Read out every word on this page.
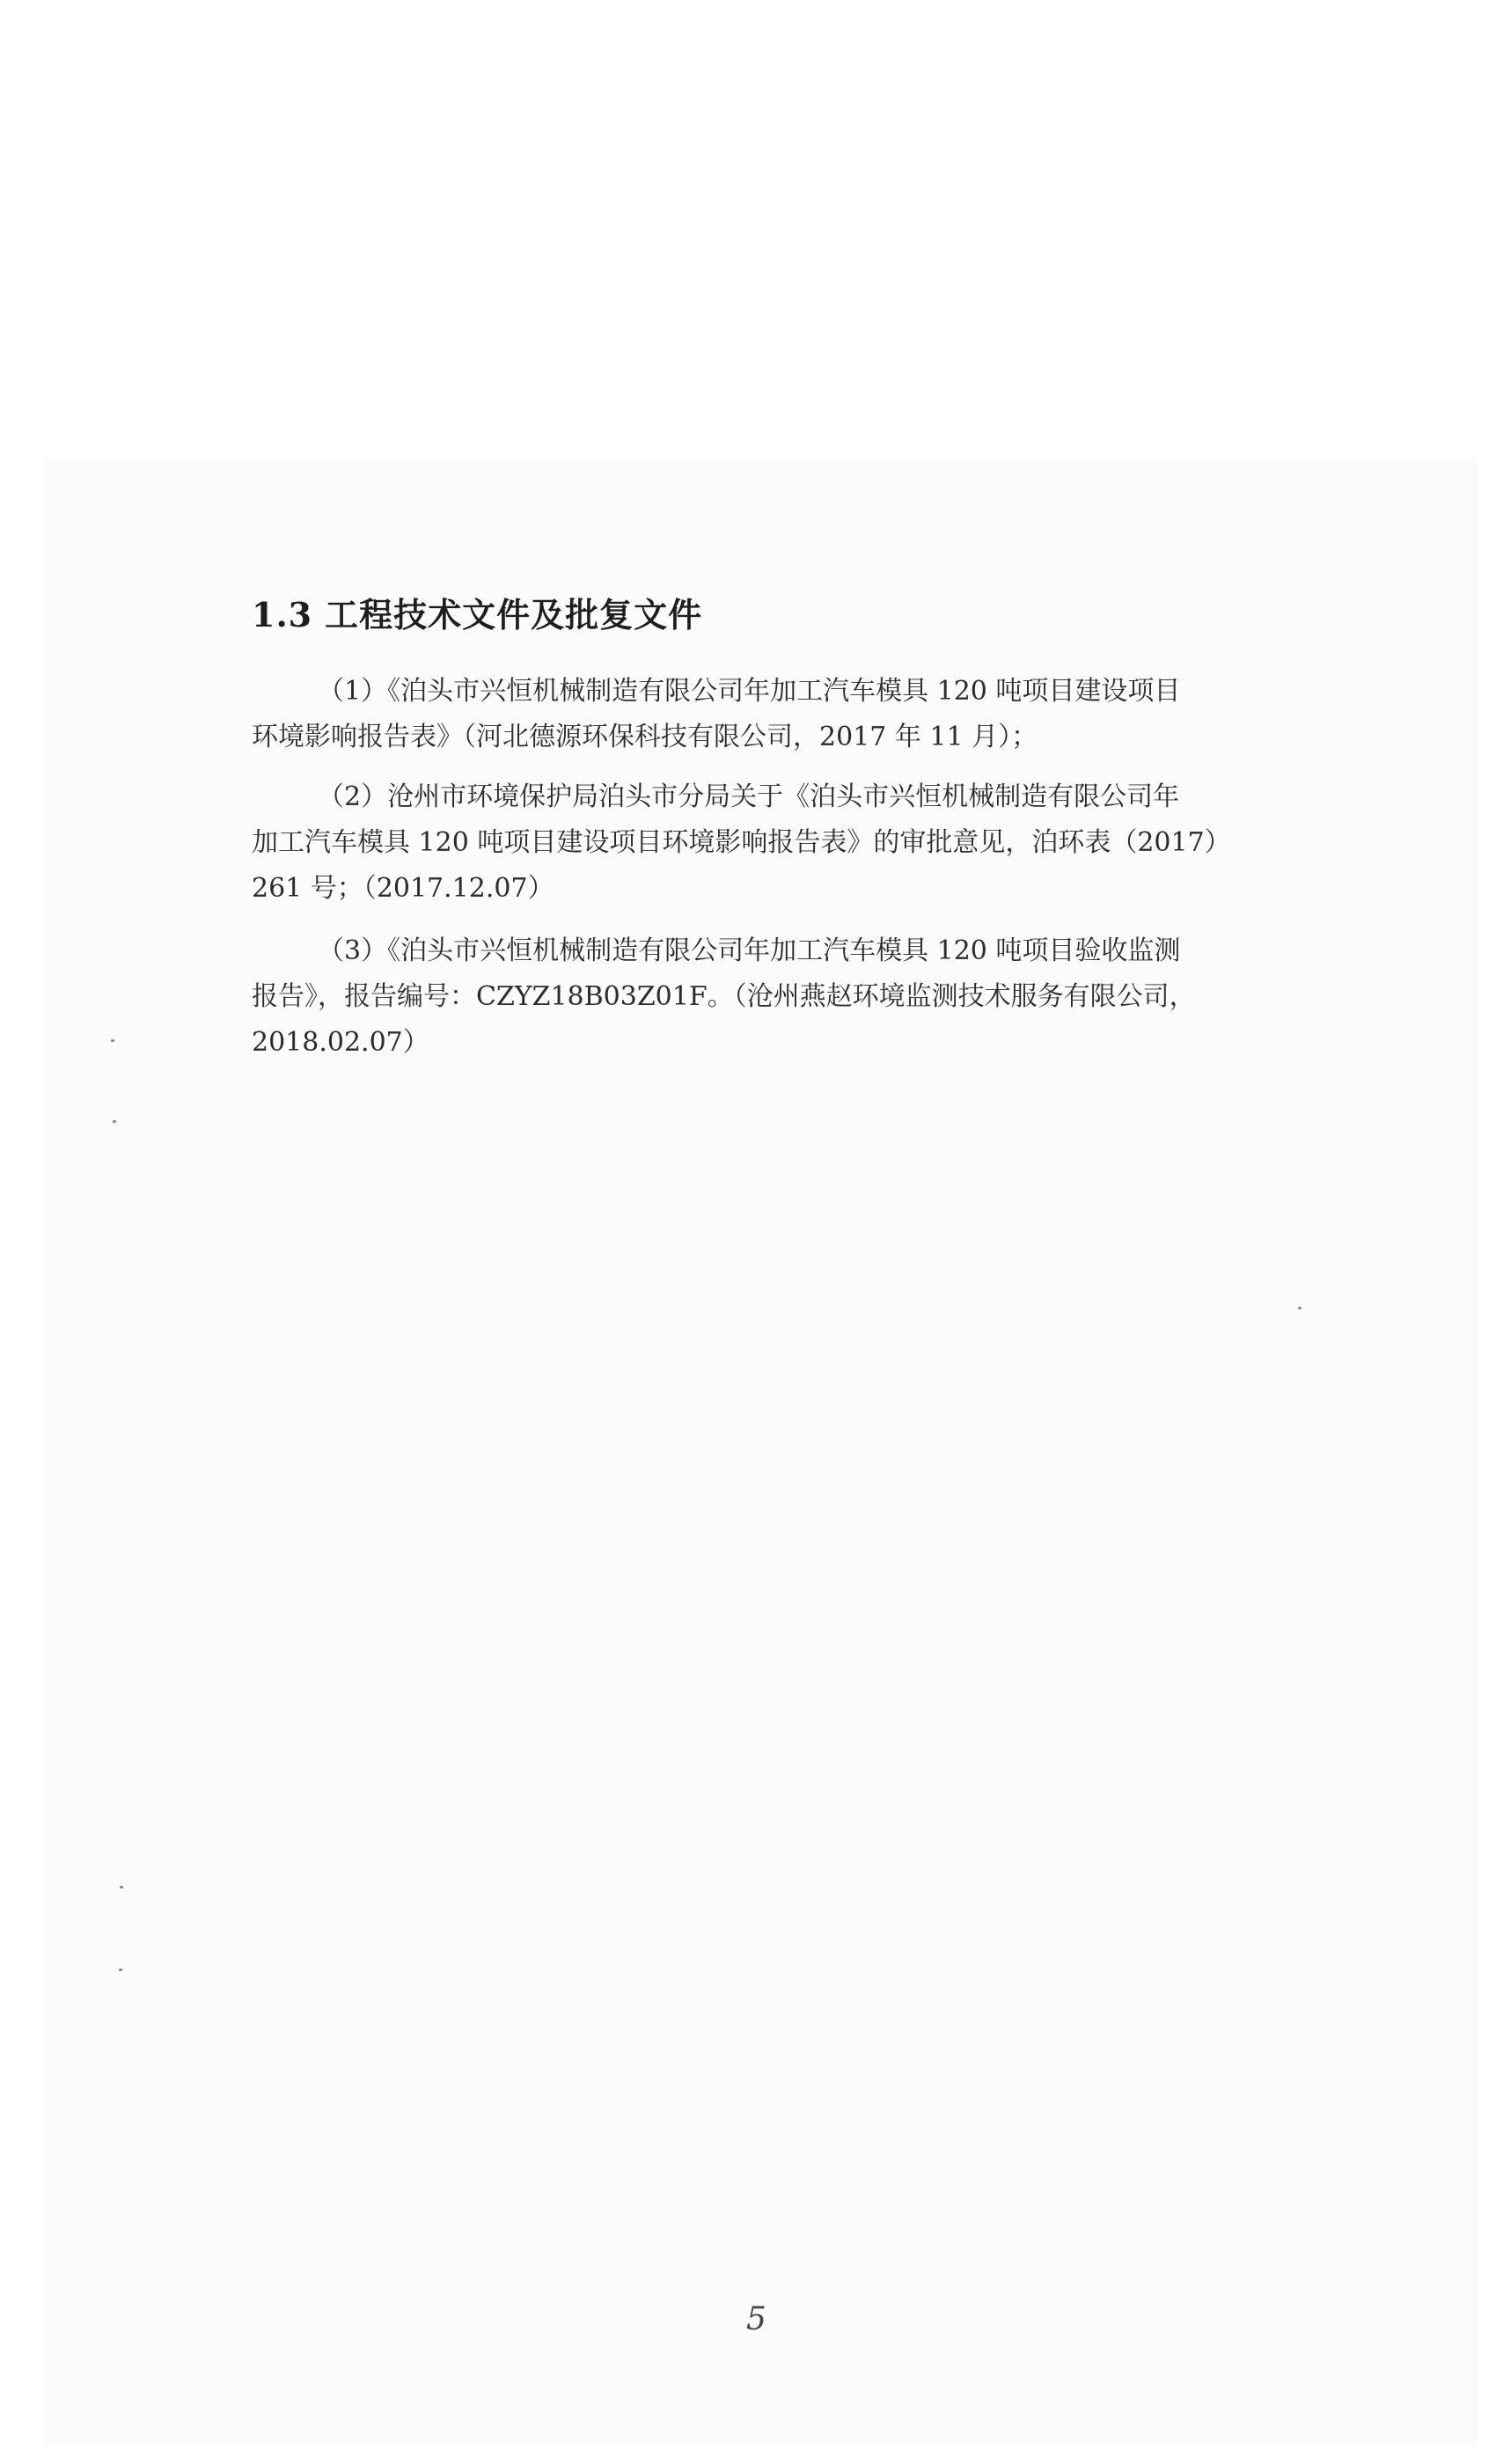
1.3 工程技术文件及批复文件

（1）《泊头市兴恒机械制造有限公司年加工汽车模具 120 吨项目建设项目
环境影响报告表》（河北德源环保科技有限公司，2017 年 11 月）；

（2）沧州市环境保护局泊头市分局关于《泊头市兴恒机械制造有限公司年
加工汽车模具 120 吨项目建设项目环境影响报告表》的审批意见，泊环表（2017）
261 号；（2017.12.07）

（3）《泊头市兴恒机械制造有限公司年加工汽车模具 120 吨项目验收监测
报告》，报告编号：CZYZ18B03Z01F。（沧州燕赵环境监测技术服务有限公司，
2018.02.07）

5
